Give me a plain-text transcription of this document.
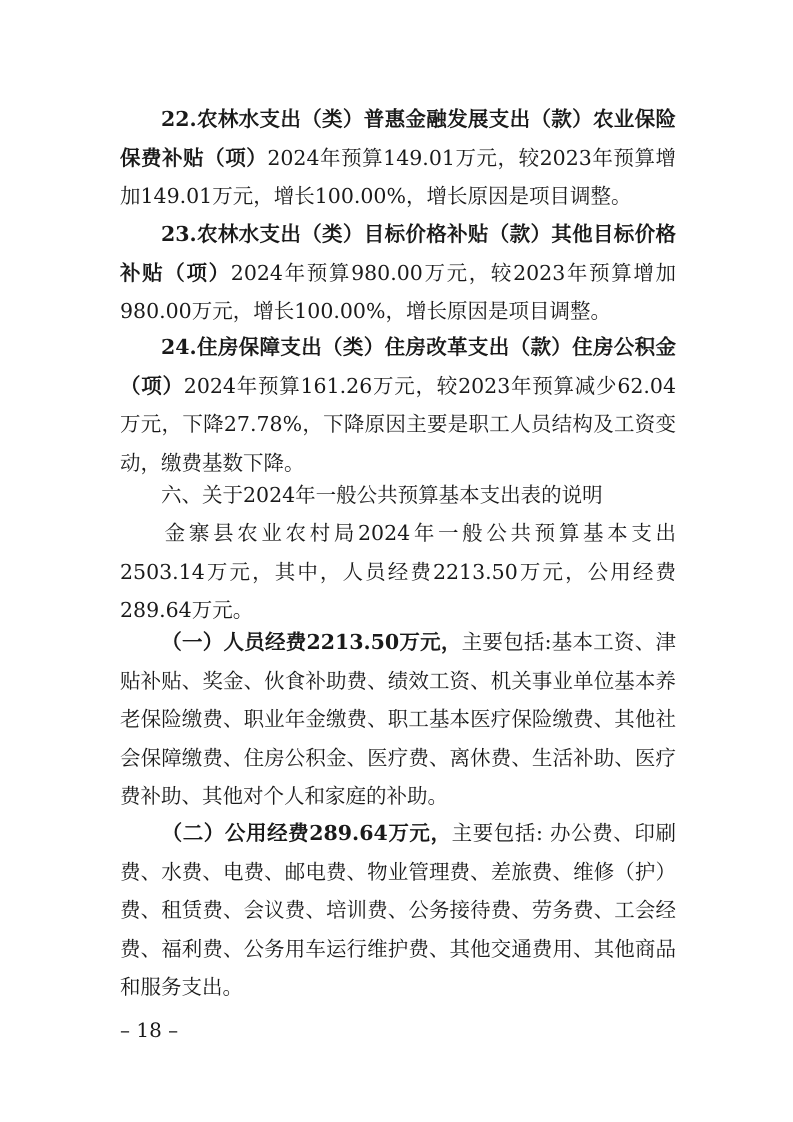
22.农林水支出（类）普惠金融发展支出（款）农业保险保费补贴（项）2024年预算149.01万元，较2023年预算增加149.01万元，增长100.00%，增长原因是项目调整。

23.农林水支出（类）目标价格补贴（款）其他目标价格补贴（项）2024年预算980.00万元，较2023年预算增加980.00万元，增长100.00%，增长原因是项目调整。

24.住房保障支出（类）住房改革支出（款）住房公积金（项）2024年预算161.26万元，较2023年预算减少62.04万元，下降27.78%，下降原因主要是职工人员结构及工资变动，缴费基数下降。

六、关于2024年一般公共预算基本支出表的说明

金寨县农业农村局2024年一般公共预算基本支出2503.14万元，其中，人员经费2213.50万元，公用经费289.64万元。

（一）人员经费2213.50万元，主要包括:基本工资、津贴补贴、奖金、伙食补助费、绩效工资、机关事业单位基本养老保险缴费、职业年金缴费、职工基本医疗保险缴费、其他社会保障缴费、住房公积金、医疗费、离休费、生活补助、医疗费补助、其他对个人和家庭的补助。

（二）公用经费289.64万元，主要包括: 办公费、印刷费、水费、电费、邮电费、物业管理费、差旅费、维修（护）费、租赁费、会议费、培训费、公务接待费、劳务费、工会经费、福利费、公务用车运行维护费、其他交通费用、其他商品和服务支出。

– 18 –
